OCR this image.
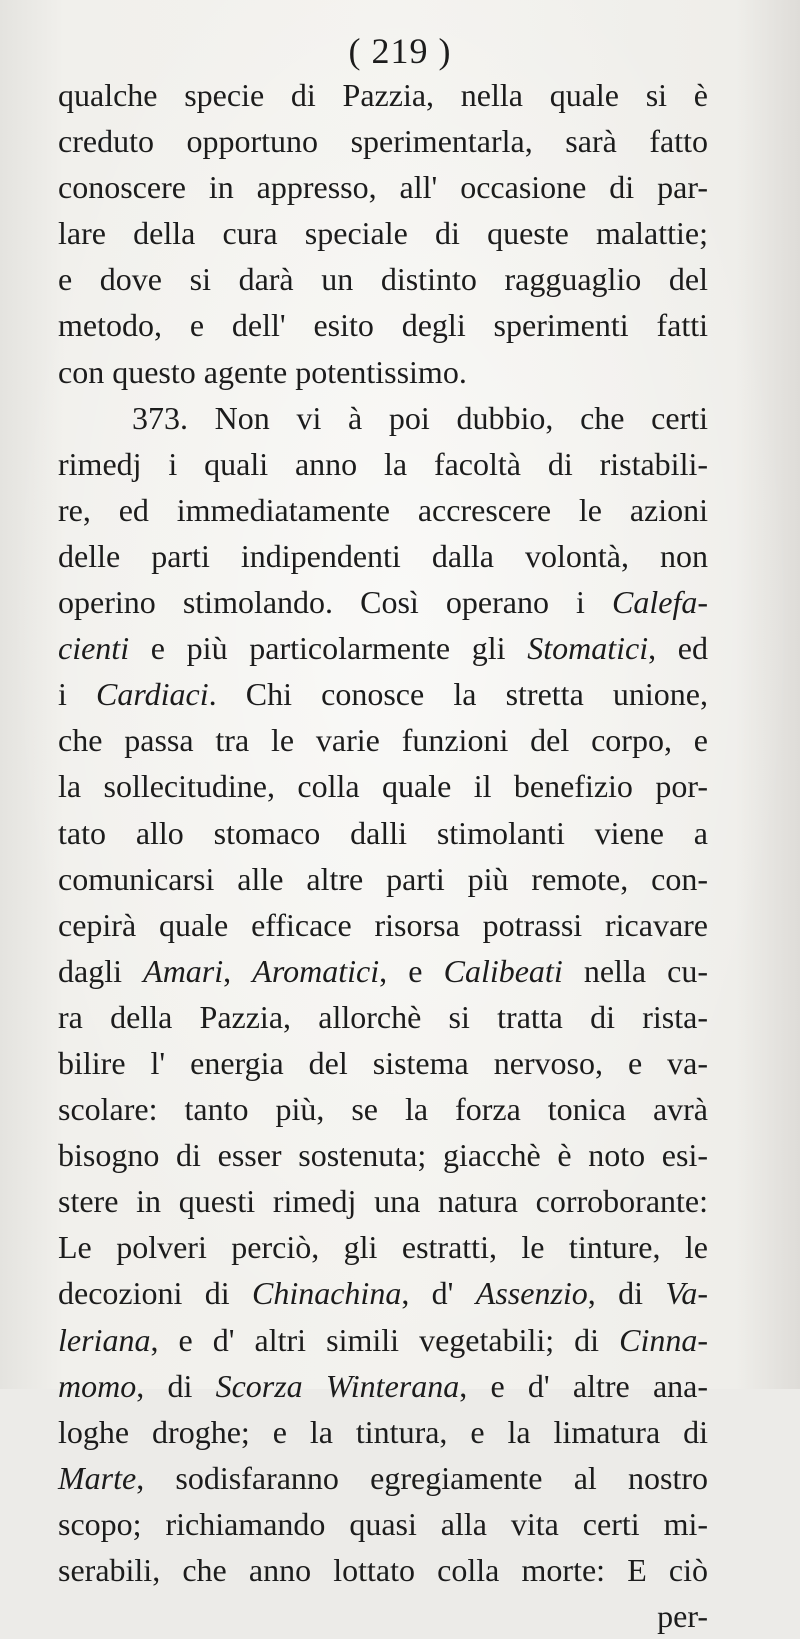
( 219 )
qualche specie di Pazzia, nella quale si è
creduto opportuno sperimentarla, sarà fatto
conoscere in appresso, all' occasione di par-
lare della cura speciale di queste malattie;
e dove si darà un distinto ragguaglio del
metodo, e dell' esito degli sperimenti fatti
con questo agente potentissimo.
373. Non vi à poi dubbio, che certi
rimedj i quali anno la facoltà di ristabili-
re, ed immediatamente accrescere le azioni
delle parti indipendenti dalla volontà, non
operino stimolando. Così operano i Calefa-
cienti e più particolarmente gli Stomatici, ed
i Cardiaci. Chi conosce la stretta unione,
che passa tra le varie funzioni del corpo, e
la sollecitudine, colla quale il benefizio por-
tato allo stomaco dalli stimolanti viene a
comunicarsi alle altre parti più remote, con-
cepirà quale efficace risorsa potrassi ricavare
dagli Amari, Aromatici, e Calibeati nella cu-
ra della Pazzia, allorchè si tratta di rista-
bilire l' energia del sistema nervoso, e va-
scolare: tanto più, se la forza tonica avrà
bisogno di esser sostenuta; giacchè è noto esi-
stere in questi rimedj una natura corroborante:
Le polveri perciò, gli estratti, le tinture, le
decozioni di Chinachina, d' Assenzio, di Va-
leriana, e d' altri simili vegetabili; di Cinna-
momo, di Scorza Winterana, e d' altre ana-
loghe droghe; e la tintura, e la limatura di
Marte, sodisfaranno egregiamente al nostro
scopo; richiamando quasi alla vita certi mi-
serabili, che anno lottato colla morte: E ciò
per-
